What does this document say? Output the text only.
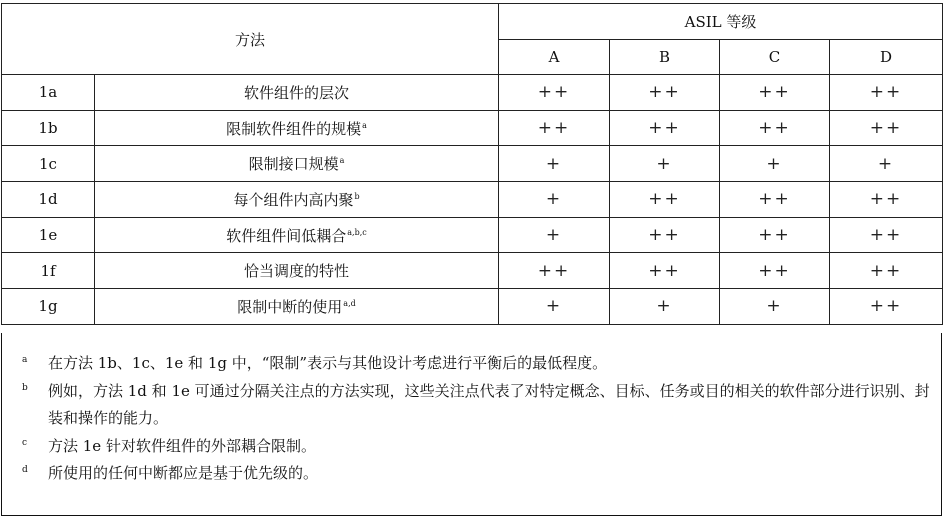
方法		ASIL 等级			
		A	B	C	D
1a	软件组件的层次	++	++	++	++
1b	限制软件组件的规模$^a$	++	++	++	++
1c	限制接口规模$^a$	+	+	+	+
1d	每个组件内高内聚$^b$	+	++	++	++
1e	软件组件间低耦合$^{a,b,c}$	+	++	++	++
1f	恰当调度的特性	++	++	++	++
1g	限制中断的使用$^{a,d}$	+	+	+	++
a 在方法 1b、1c、1e 和 1g 中，“限制”表示与其他设计考虑进行平衡后的最低程度。
b 例如，方法 1d 和 1e 可通过分隔关注点的方法实现，这些关注点代表了对特定概念、目标、任务或目的相关的软件部分进行识别、封装和操作的能力。
c 方法 1e 针对软件组件的外部耦合限制。
d 所使用的任何中断都应是基于优先级的。
